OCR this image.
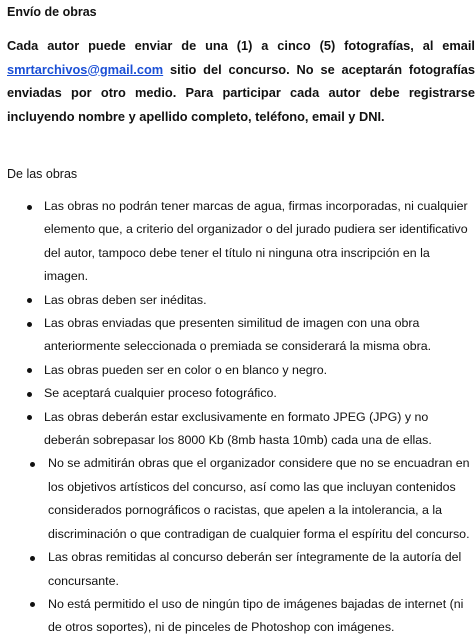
Envío de obras

Cada autor puede enviar de una (1) a cinco (5) fotografías, al email smrtarchivos@gmail.com sitio del concurso. No se aceptarán fotografías enviadas por otro medio. Para participar cada autor debe registrarse incluyendo nombre y apellido completo, teléfono, email y DNI.

De las obras

Las obras no podrán tener marcas de agua, firmas incorporadas, ni cualquier elemento que, a criterio del organizador o del jurado pudiera ser identificativo del autor, tampoco debe tener el título ni ninguna otra inscripción en la imagen.
Las obras deben ser inéditas.
Las obras enviadas que presenten similitud de imagen con una obra anteriormente seleccionada o premiada se considerará la misma obra.
Las obras pueden ser en color o en blanco y negro.
Se aceptará cualquier proceso fotográfico.
Las obras deberán estar exclusivamente en formato JPEG (JPG) y no deberán sobrepasar los 8000 Kb (8mb hasta 10mb) cada una de ellas.
No se admitirán obras que el organizador considere que no se encuadran en los objetivos artísticos del concurso, así como las que incluyan contenidos considerados pornográficos o racistas, que apelen a la intolerancia, a la discriminación o que contradigan de cualquier forma el espíritu del concurso.
Las obras remitidas al concurso deberán ser íntegramente de la autoría del concursante.
No está permitido el uso de ningún tipo de imágenes bajadas de internet (ni de otros soportes), ni de pinceles de Photoshop con imágenes.
